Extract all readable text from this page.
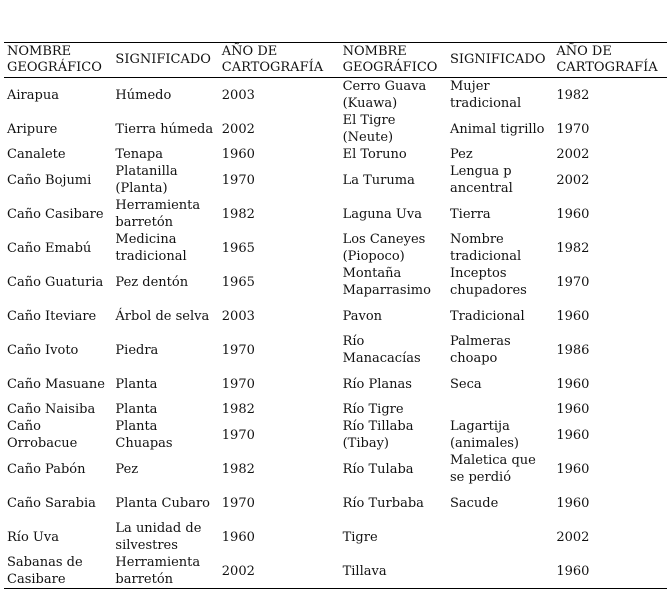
NOMBRE GEOGRÁFICO	SIGNIFICADO	AÑO DE CARTOGRAFÍA	NOMBRE GEOGRÁFICO	SIGNIFICADO	AÑO DE CARTOGRAFÍA
Airapua	Húmedo	2003	Cerro Guava (Kuawa)	Mujer tradicional	1982
Aripure	Tierra húmeda	2002	El Tigre (Neute)	Animal tigrillo	1970
Canalete	Tenapa	1960	El Toruno	Pez	2002
Caño Bojumi	Platanilla (Planta)	1970	La Turuma	Lengua p ancentral	2002
Caño Casibare	Herramienta barretón	1982	Laguna Uva	Tierra	1960
Caño Emabú	Medicina tradicional	1965	Los Caneyes (Piopoco)	Nombre tradicional	1982
Caño Guaturia	Pez dentón	1965	Montaña Maparrasimo	Inceptos chupadores	1970
Caño Iteviare	Árbol de selva	2003	Pavon	Tradicional	1960
Caño Ivoto	Piedra	1970	Río Manacacías	Palmeras choapo	1986
Caño Masuane	Planta	1970	Río Planas	Seca	1960
Caño Naisiba	Planta	1982	Río Tigre		1960
Caño Orrobacue	Planta Chuapas	1970	Río Tillaba (Tibay)	Lagartija (animales)	1960
Caño Pabón	Pez	1982	Río Tulaba	Maletica que se perdió	1960
Caño Sarabia	Planta Cubaro	1970	Río Turbaba	Sacude	1960
Río Uva	La unidad de silvestres	1960	Tigre		2002
Sabanas de Casibare	Herramienta barretón	2002	Tillava		1960
